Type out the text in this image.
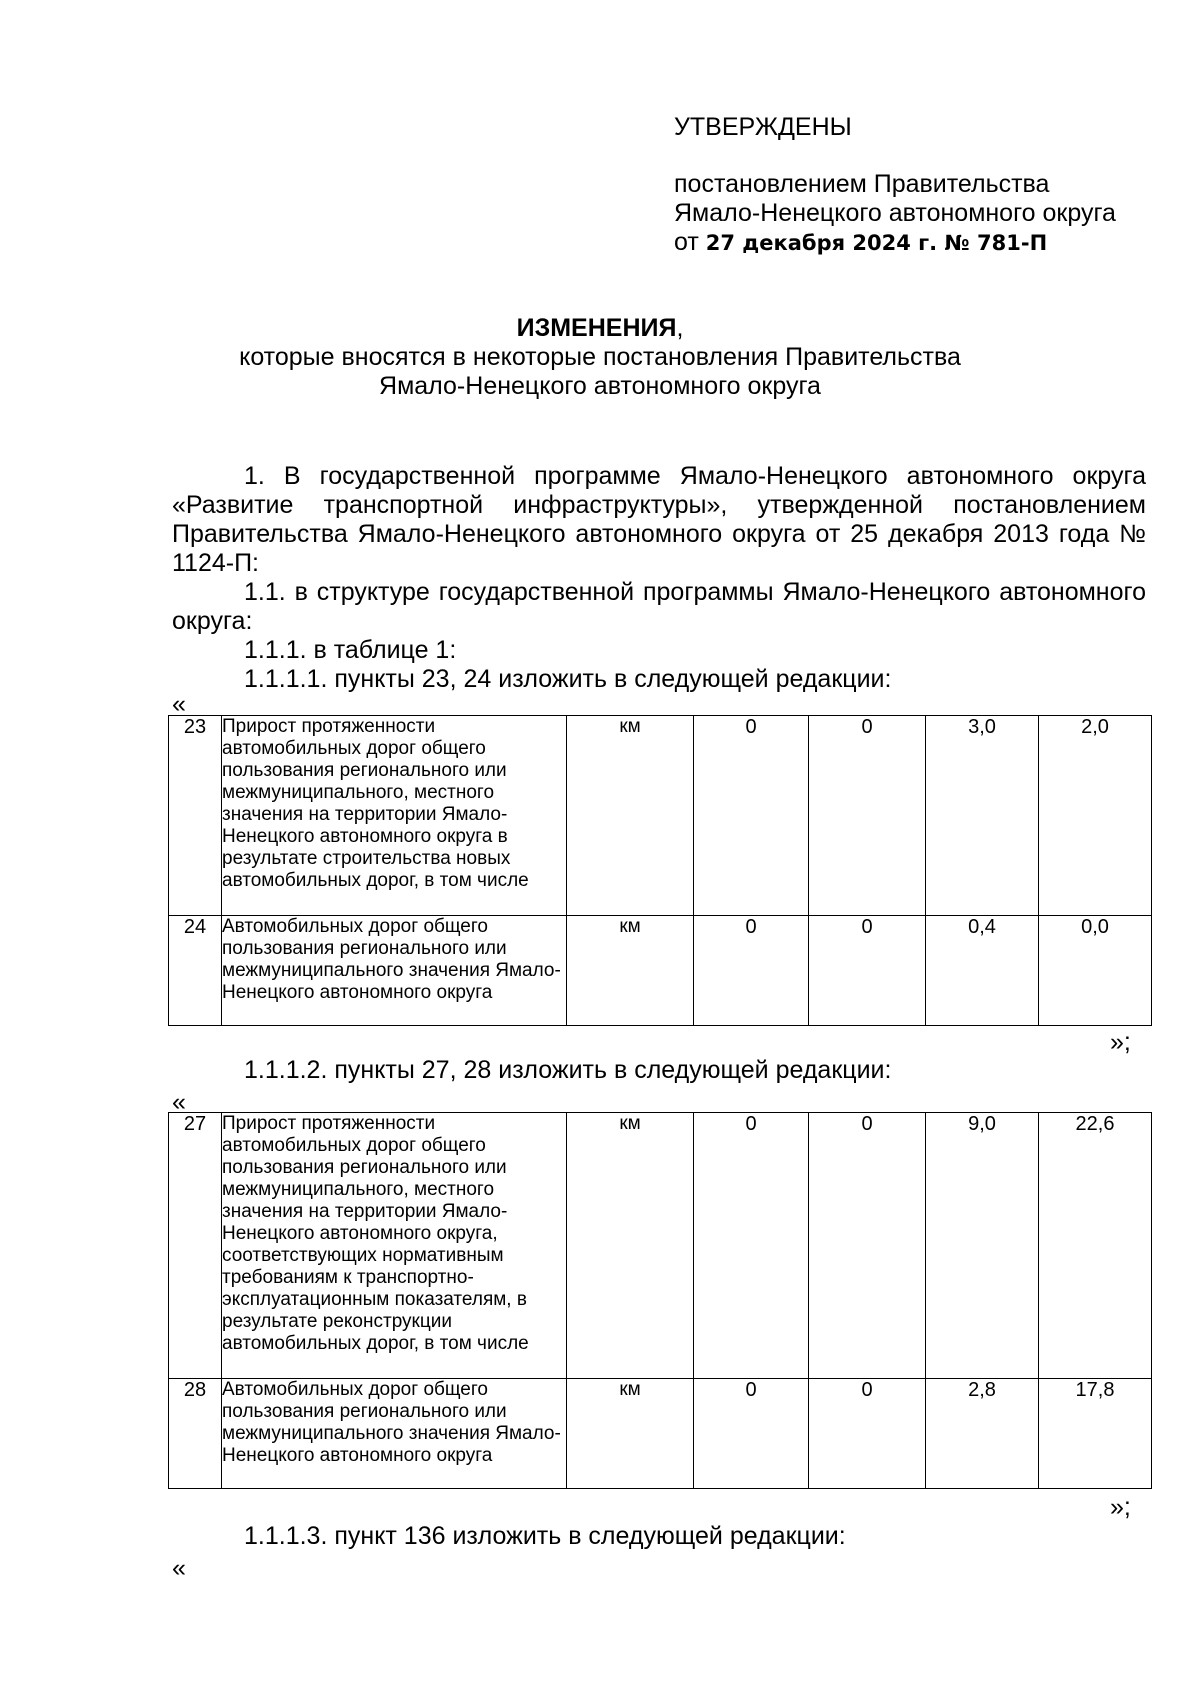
УТВЕРЖДЕНЫ
постановлением Правительства
Ямало-Ненецкого автономного округа
от 27 декабря 2024 г. № 781-П
ИЗМЕНЕНИЯ,
которые вносятся в некоторые постановления Правительства
Ямало-Ненецкого автономного округа

1. В государственной программе Ямало-Ненецкого автономного округа «Развитие транспортной инфраструктуры», утвержденной постановлением Правительства Ямало-Ненецкого автономного округа от 25 декабря 2013 года № 1124-П:

1.1. в структуре государственной программы Ямало-Ненецкого автономного округа:

1.1.1. в таблице 1:

1.1.1.1. пункты 23, 24 изложить в следующей редакции:

«
23	Прирост протяженности автомобильных дорог общего пользования регионального или межмуниципального, местного значения на территории Ямало-Ненецкого автономного округа в результате строительства новых автомобильных дорог, в том числе	км	0	0	3,0	2,0
24	Автомобильных дорог общего пользования регионального или межмуниципального значения Ямало-Ненецкого автономного округа	км	0	0	0,4	0,0
»;

1.1.1.2. пункты 27, 28 изложить в следующей редакции:

«
27	Прирост протяженности автомобильных дорог общего пользования регионального или межмуниципального, местного значения на территории Ямало-Ненецкого автономного округа, соответствующих нормативным требованиям к транспортно-эксплуатационным показателям, в результате реконструкции автомобильных дорог, в том числе	км	0	0	9,0	22,6
28	Автомобильных дорог общего пользования регионального или межмуниципального значения Ямало-Ненецкого автономного округа	км	0	0	2,8	17,8
»;

1.1.1.3. пункт 136 изложить в следующей редакции:

«
